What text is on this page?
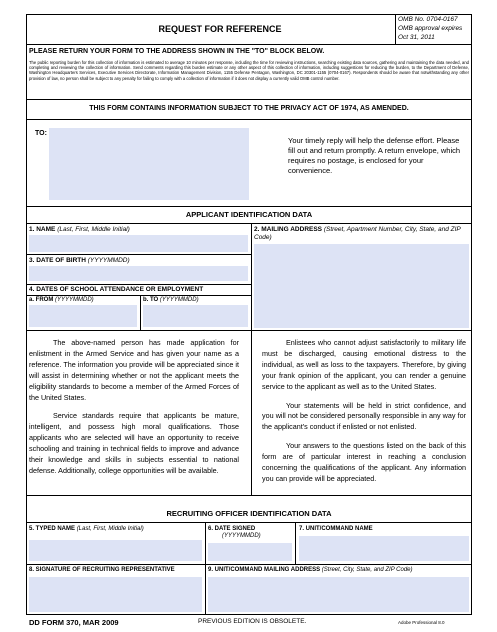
REQUEST FOR REFERENCE
OMB No. 0704-0167
OMB approval expires
Oct 31, 2011
PLEASE RETURN YOUR FORM TO THE ADDRESS SHOWN IN THE "TO" BLOCK BELOW.
The public reporting burden for this collection of information is estimated to average 10 minutes per response, including the time for reviewing instructions, searching existing data sources, gathering and maintaining the data needed, and completing and reviewing the collection of information. Send comments regarding this burden estimate or any other aspect of this collection of information, including suggestions for reducing the burden, to the Department of Defense, Washington Headquarters Services, Executive Services Directorate, Information Management Division, 1155 Defense Pentagon, Washington, DC 20301-1155 (0704-0167). Respondents should be aware that notwithstanding any other provision of law, no person shall be subject to any penalty for failing to comply with a collection of information if it does not display a currently valid OMB control number.
THIS FORM CONTAINS INFORMATION SUBJECT TO THE PRIVACY ACT OF 1974, AS AMENDED.
TO:
Your timely reply will help the defense effort. Please fill out and return promptly. A return envelope, which requires no postage, is enclosed for your convenience.
APPLICANT IDENTIFICATION DATA
1. NAME (Last, First, Middle Initial)	2. MAILING ADDRESS (Street, Apartment Number, City, State, and ZIP Code)
3. DATE OF BIRTH (YYYYMMDD)
4. DATES OF SCHOOL ATTENDANCE OR EMPLOYMENT
a. FROM (YYYYMMDD)	b. TO (YYYYMMDD)

The above-named person has made application for enlistment in the Armed Service and has given your name as a reference. The information you provide will be appreciated since it will assist in determining whether or not the applicant meets the eligibility standards to become a member of the Armed Forces of the United States.

Service standards require that applicants be mature, intelligent, and possess high moral qualifications. Those applicants who are selected will have an opportunity to receive schooling and training in technical fields to improve and advance their knowledge and skills in subjects essential to national defense. Additionally, college opportunities will be available.

Enlistees who cannot adjust satisfactorily to military life must be discharged, causing emotional distress to the individual, as well as loss to the taxpayers. Therefore, by giving your frank opinion of the applicant, you can render a genuine service to the applicant as well as to the United States.

Your statements will be held in strict confidence, and you will not be considered personally responsible in any way for the applicant's conduct if enlisted or not enlisted.

Your answers to the questions listed on the back of this form are of particular interest in reaching a conclusion concerning the qualifications of the applicant. Any information you can provide will be appreciated.

RECRUITING OFFICER IDENTIFICATION DATA
5. TYPED NAME (Last, First, Middle Initial)	6. DATE SIGNED
(YYYYMMDD)
7. UNIT/COMMAND NAME
8. SIGNATURE OF RECRUITING REPRESENTATIVE	9. UNIT/COMMAND MAILING ADDRESS (Street, City, State, and ZIP Code)
DD FORM 370, MAR 2009	PREVIOUS EDITION IS OBSOLETE.	Adobe Professional 8.0
